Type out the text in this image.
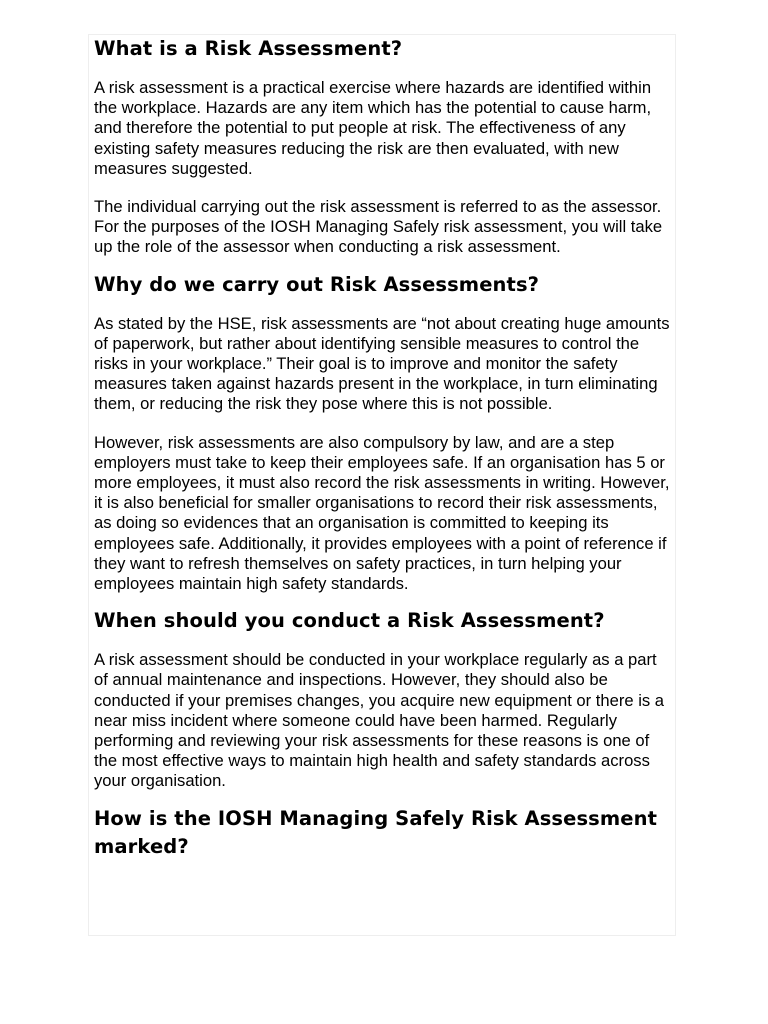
What is a Risk Assessment?

A risk assessment is a practical exercise where hazards are identified within the workplace. Hazards are any item which has the potential to cause harm, and therefore the potential to put people at risk. The effectiveness of any existing safety measures reducing the risk are then evaluated, with new measures suggested.

The individual carrying out the risk assessment is referred to as the assessor. For the purposes of the IOSH Managing Safely risk assessment, you will take up the role of the assessor when conducting a risk assessment.

Why do we carry out Risk Assessments?

As stated by the HSE, risk assessments are “not about creating huge amounts of paperwork, but rather about identifying sensible measures to control the risks in your workplace.” Their goal is to improve and monitor the safety measures taken against hazards present in the workplace, in turn eliminating them, or reducing the risk they pose where this is not possible.

However, risk assessments are also compulsory by law, and are a step employers must take to keep their employees safe. If an organisation has 5 or more employees, it must also record the risk assessments in writing. However, it is also beneficial for smaller organisations to record their risk assessments, as doing so evidences that an organisation is committed to keeping its employees safe. Additionally, it provides employees with a point of reference if they want to refresh themselves on safety practices, in turn helping your employees maintain high safety standards.

When should you conduct a Risk Assessment?

A risk assessment should be conducted in your workplace regularly as a part of annual maintenance and inspections. However, they should also be conducted if your premises changes, you acquire new equipment or there is a near miss incident where someone could have been harmed. Regularly performing and reviewing your risk assessments for these reasons is one of the most effective ways to maintain high health and safety standards across your organisation.

How is the IOSH Managing Safely Risk Assessment marked?
